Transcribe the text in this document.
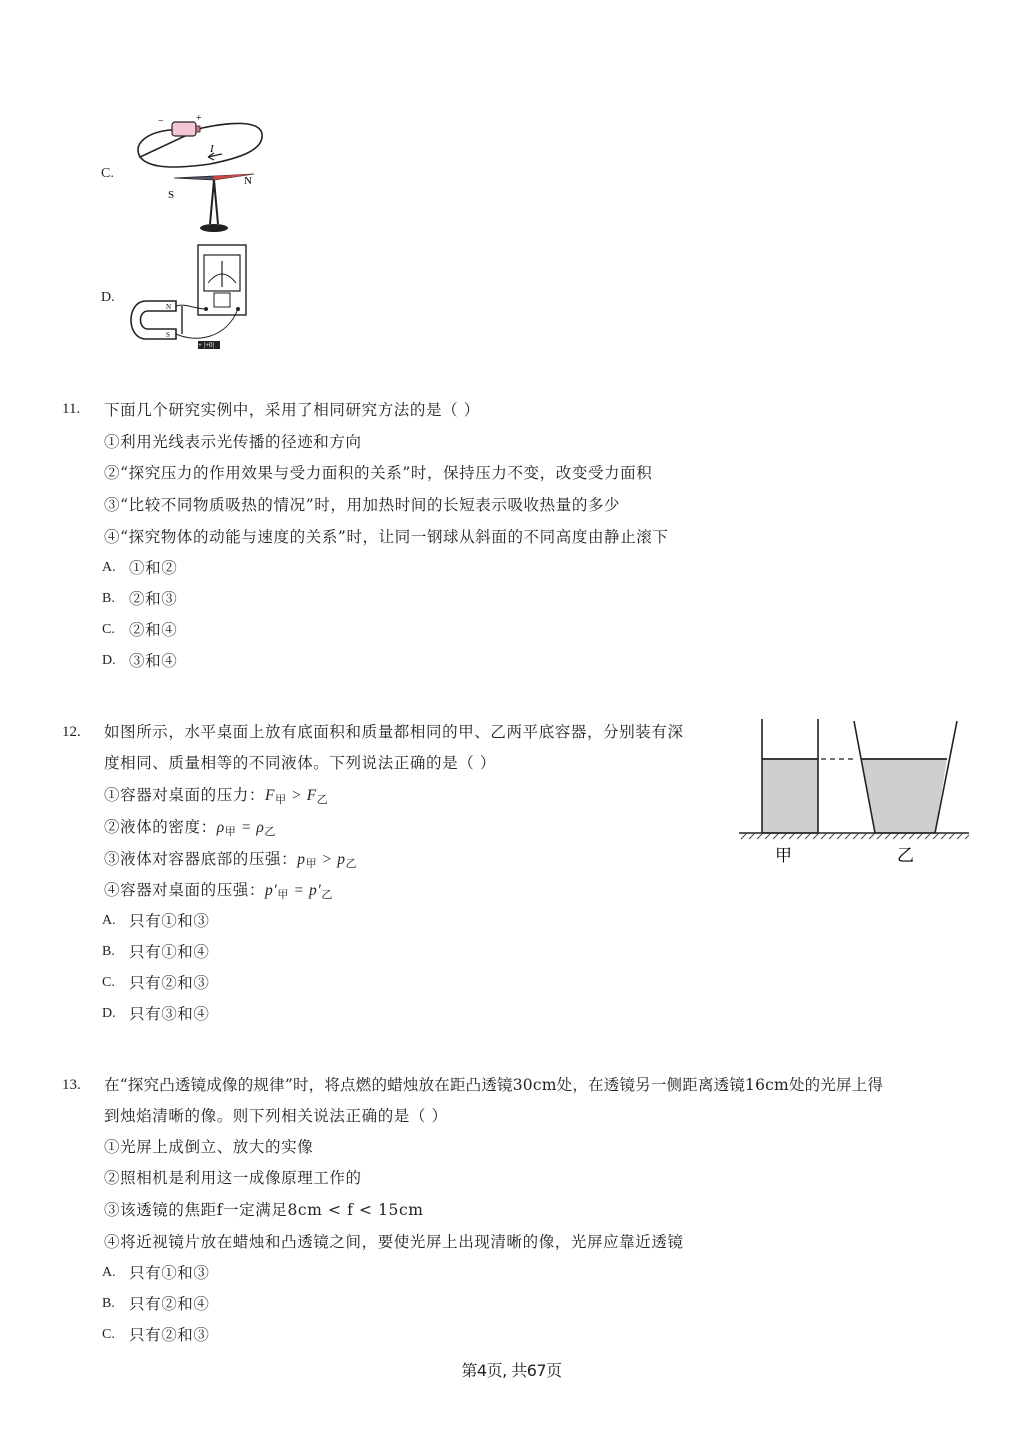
C.
−	+
I
S
N
D.
N
S
+ |+0|
11. 下面几个研究实例中，采用了相同研究方法的是（ ）
①利用光线表示光传播的径迹和方向
②“探究压力的作用效果与受力面积的关系”时，保持压力不变，改变受力面积
③“比较不同物质吸热的情况”时，用加热时间的长短表示吸收热量的多少
④“探究物体的动能与速度的关系”时，让同一钢球从斜面的不同高度由静止滚下
A. ①和②
B. ②和③
C. ②和④
D. ③和④
12. 如图所示，水平桌面上放有底面积和质量都相同的甲、乙两平底容器，分别装有深
度相同、质量相等的不同液体。下列说法正确的是（ ）
①容器对桌面的压力：$F_甲 > F_乙$
②液体的密度：$\rho_甲 = \rho_乙$
③液体对容器底部的压强：$p_甲 > p_乙$
④容器对桌面的压强：$p'_甲 = p'_乙$
A. 只有①和③
B. 只有①和④
C. 只有②和③
D. 只有③和④
甲	乙
13. 在“探究凸透镜成像的规律”时，将点燃的蜡烛放在距凸透镜30cm处，在透镜另一侧距离透镜16cm处的光屏上得
到烛焰清晰的像。则下列相关说法正确的是（ ）
①光屏上成倒立、放大的实像
②照相机是利用这一成像原理工作的
③该透镜的焦距f一定满足8cm < f < 15cm
④将近视镜片放在蜡烛和凸透镜之间，要使光屏上出现清晰的像，光屏应靠近透镜
A. 只有①和③
B. 只有②和④
C. 只有②和③
第4页, 共67页
